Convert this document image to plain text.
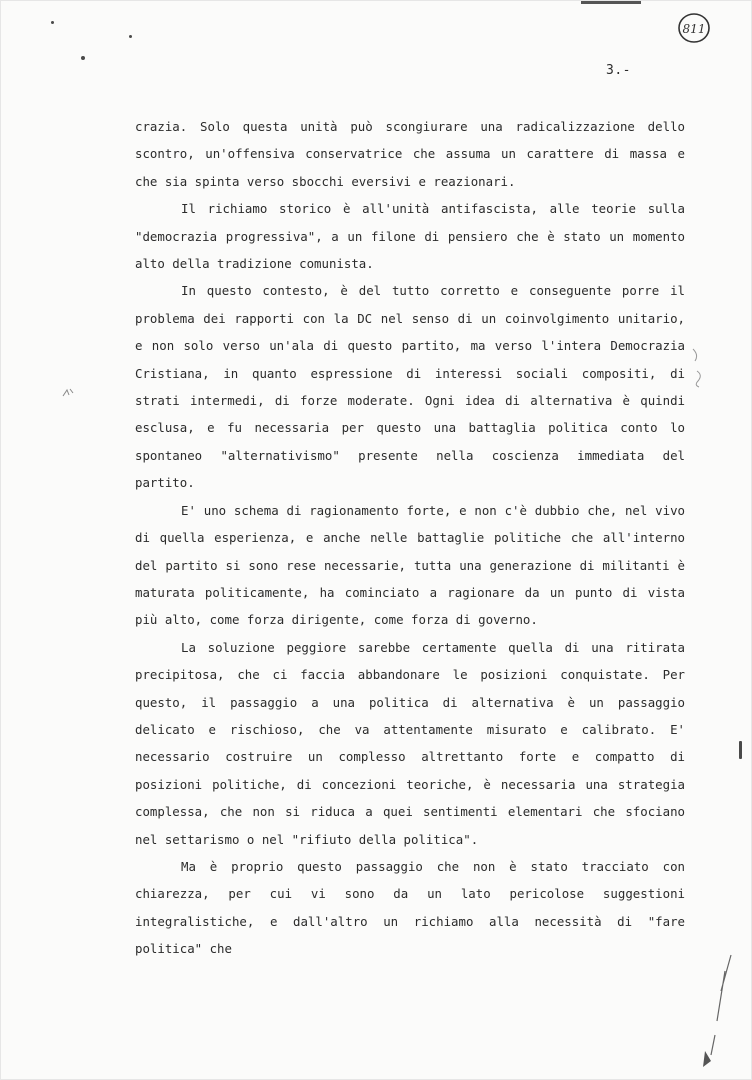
811

3.-

crazia. Solo questa unità può scongiurare una radicalizzazione dello scontro, un'offensiva conservatrice che assuma un carattere di massa e che sia spinta verso sbocchi eversivi e reazionari.

Il richiamo storico è all'unità antifascista, alle teorie sulla "democrazia progressiva", a un filone di pensiero che è stato un momento alto della tradizione comunista.

In questo contesto, è del tutto corretto e conseguente porre il problema dei rapporti con la DC nel senso di un coinvolgimento unitario, e non solo verso un'ala di questo partito, ma verso l'intera Democrazia Cristiana, in quanto espressione di interessi sociali compositi, di strati intermedi, di forze moderate. Ogni idea di alternativa è quindi esclusa, e fu necessaria per questo una battaglia politica conto lo spontaneo "alternativismo" presente nella coscienza immediata del partito.

E' uno schema di ragionamento forte, e non c'è dubbio che, nel vivo di quella esperienza, e anche nelle battaglie politiche che all'interno del partito si sono rese necessarie, tutta una generazione di militanti è maturata politicamente, ha cominciato a ragionare da un punto di vista più alto, come forza dirigente, come forza di governo.

La soluzione peggiore sarebbe certamente quella di una ritirata precipitosa, che ci faccia abbandonare le posizioni conquistate. Per questo, il passaggio a una politica di alternativa è un passaggio delicato e rischioso, che va attentamente misurato e calibrato. E' necessario costruire un complesso altrettanto forte e compatto di posizioni politiche, di concezioni teoriche, è necessaria una strategia complessa, che non si riduca a quei sentimenti elementari che sfociano nel settarismo o nel "rifiuto della politica".

Ma è proprio questo passaggio che non è stato tracciato con chiarezza, per cui vi sono da un lato pericolose suggestioni integralistiche, e dall'altro un richiamo alla necessità di "fare politica" che
